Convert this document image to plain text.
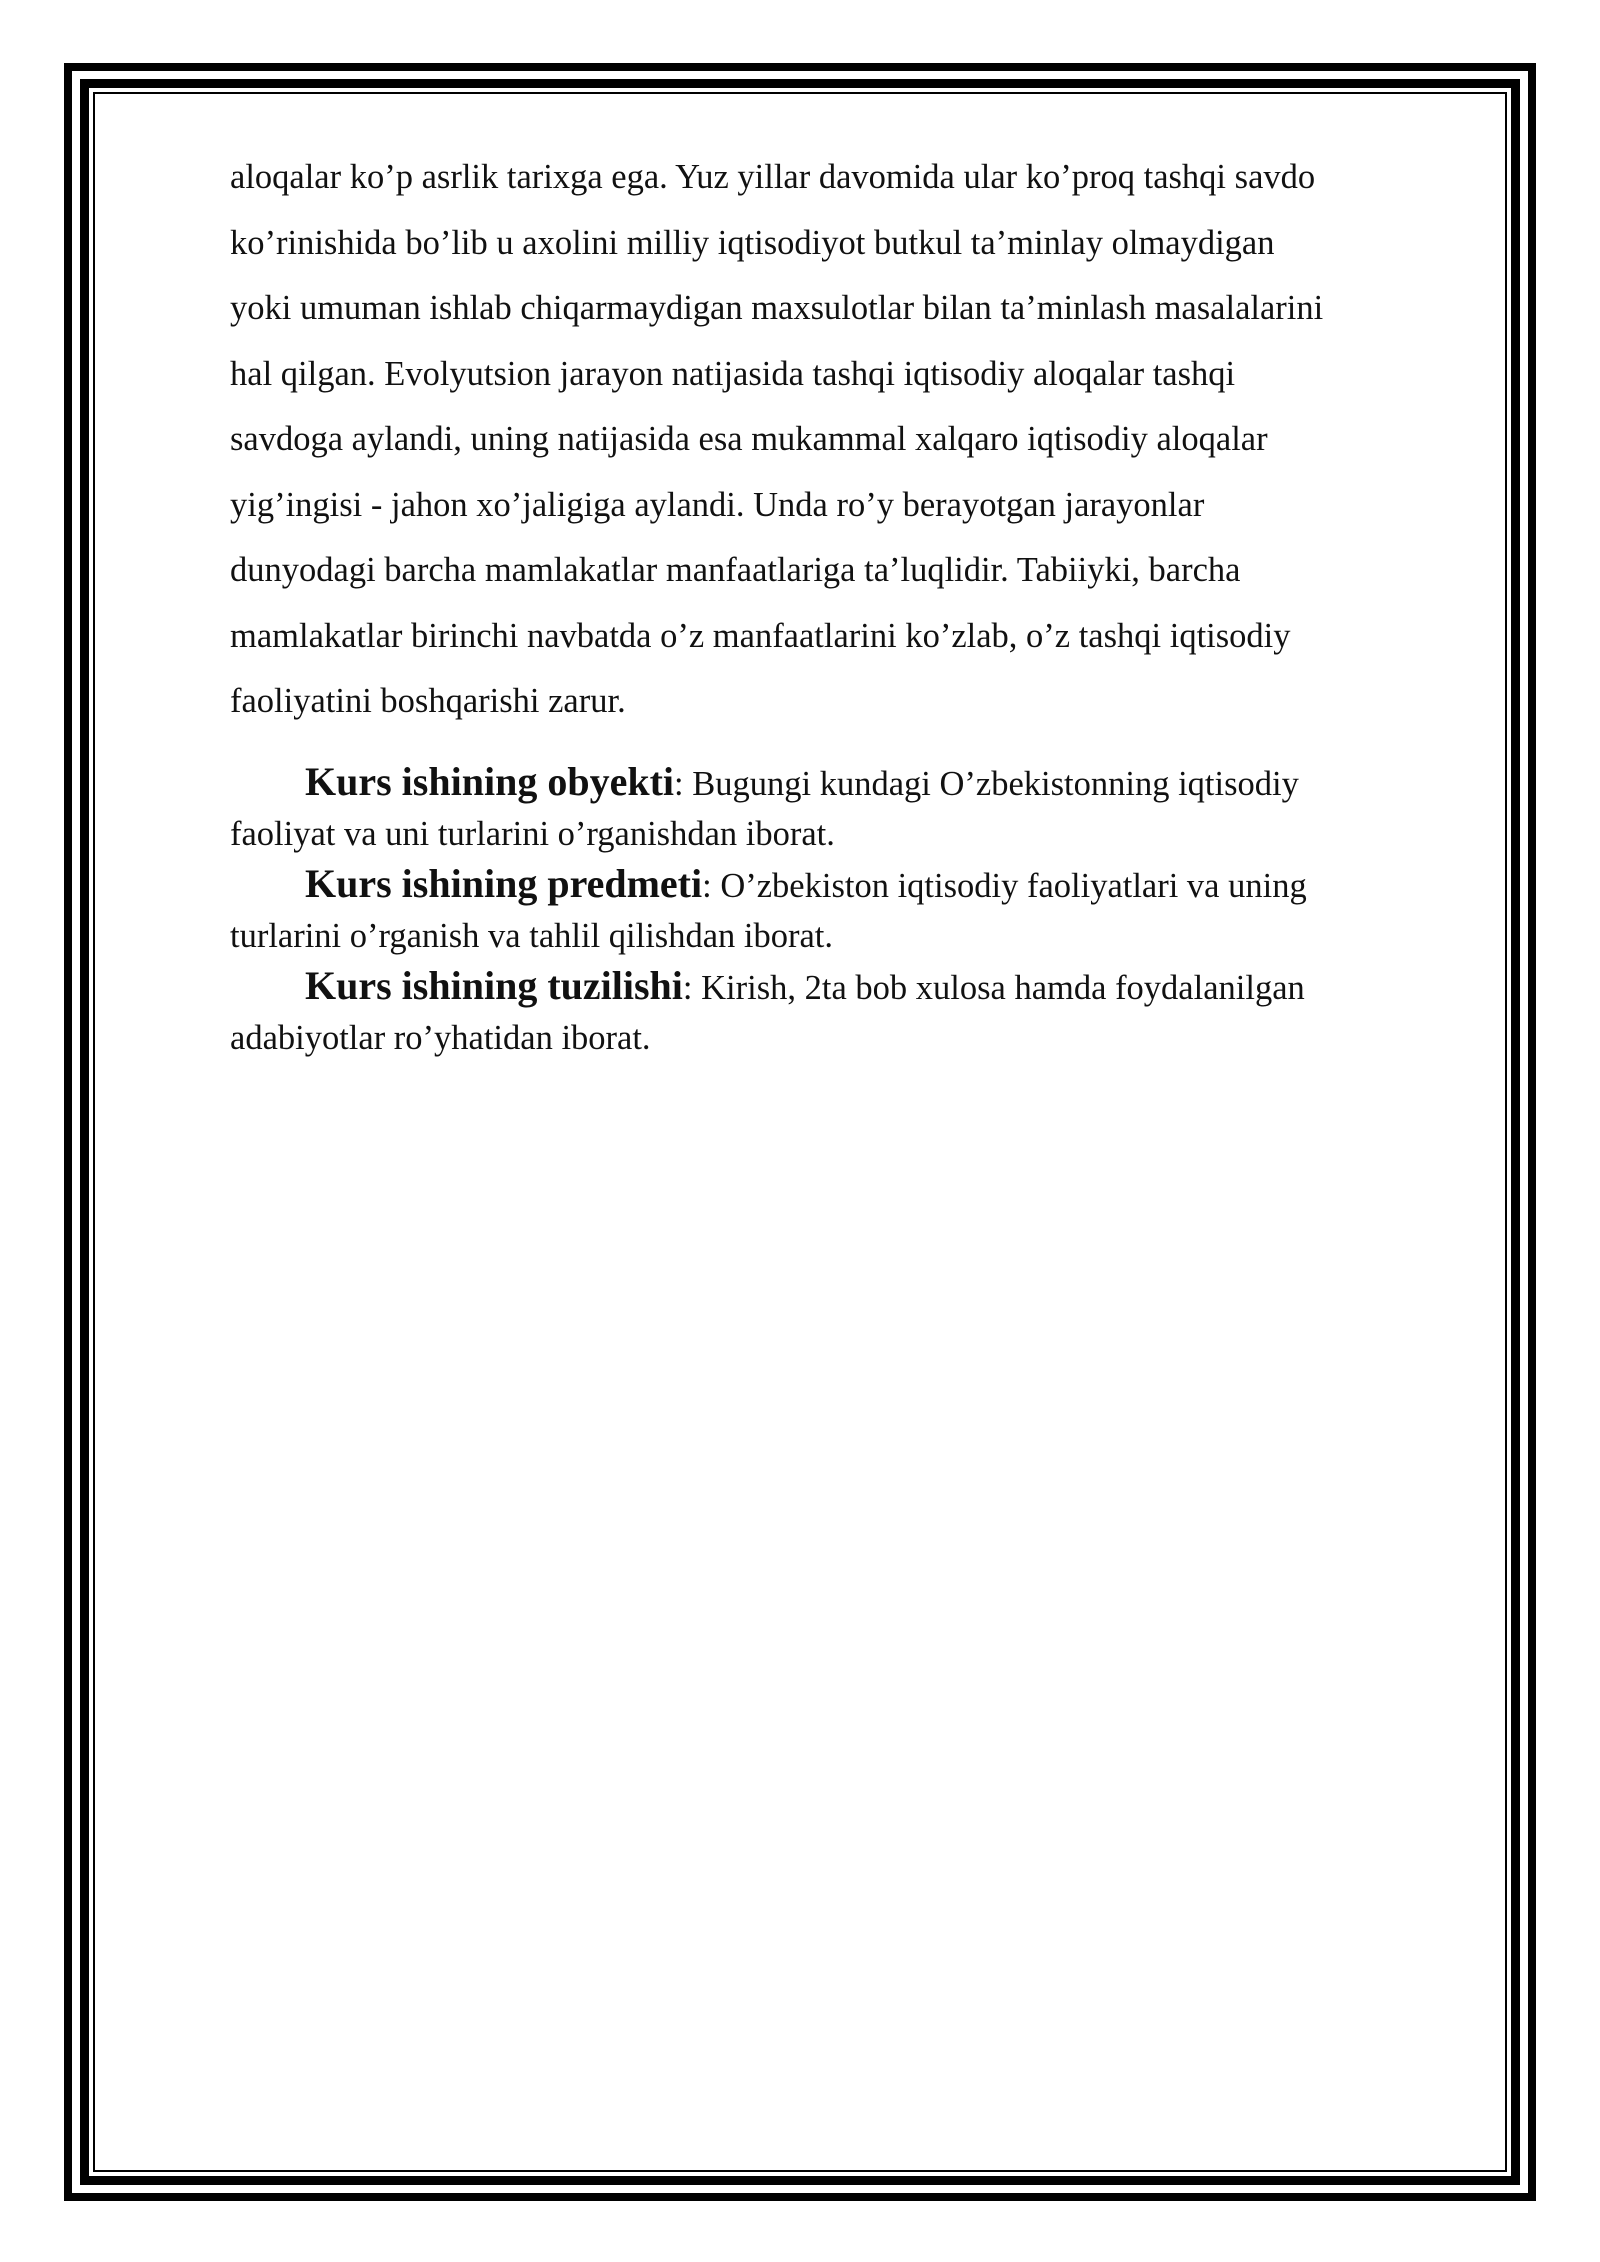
aloqalar ko’p asrlik tarixga ega. Yuz yillar davomida ular ko’proq tashqi savdo
ko’rinishida bo’lib u axolini milliy iqtisodiyot butkul ta’minlay olmaydigan
yoki umuman ishlab chiqarmaydigan maxsulotlar bilan ta’minlash masalalarini
hal qilgan. Evolyutsion jarayon natijasida tashqi iqtisodiy aloqalar tashqi
savdoga aylandi, uning natijasida esa mukammal xalqaro iqtisodiy aloqalar
yig’ingisi - jahon xo’jaligiga aylandi. Unda ro’y berayotgan jarayonlar
dunyodagi barcha mamlakatlar manfaatlariga ta’luqlidir. Tabiiyki, barcha
mamlakatlar birinchi navbatda o’z manfaatlarini ko’zlab, o’z tashqi iqtisodiy
faoliyatini boshqarishi zarur.

Kurs ishining obyekti: Bugungi kundagi O’zbekistonning iqtisodiy
faoliyat va uni turlarini o’rganishdan iborat.

Kurs ishining predmeti: O’zbekiston iqtisodiy faoliyatlari va uning
turlarini o’rganish va tahlil qilishdan iborat.

Kurs ishining tuzilishi: Kirish, 2ta bob xulosa hamda foydalanilgan
adabiyotlar ro’yhatidan iborat.
